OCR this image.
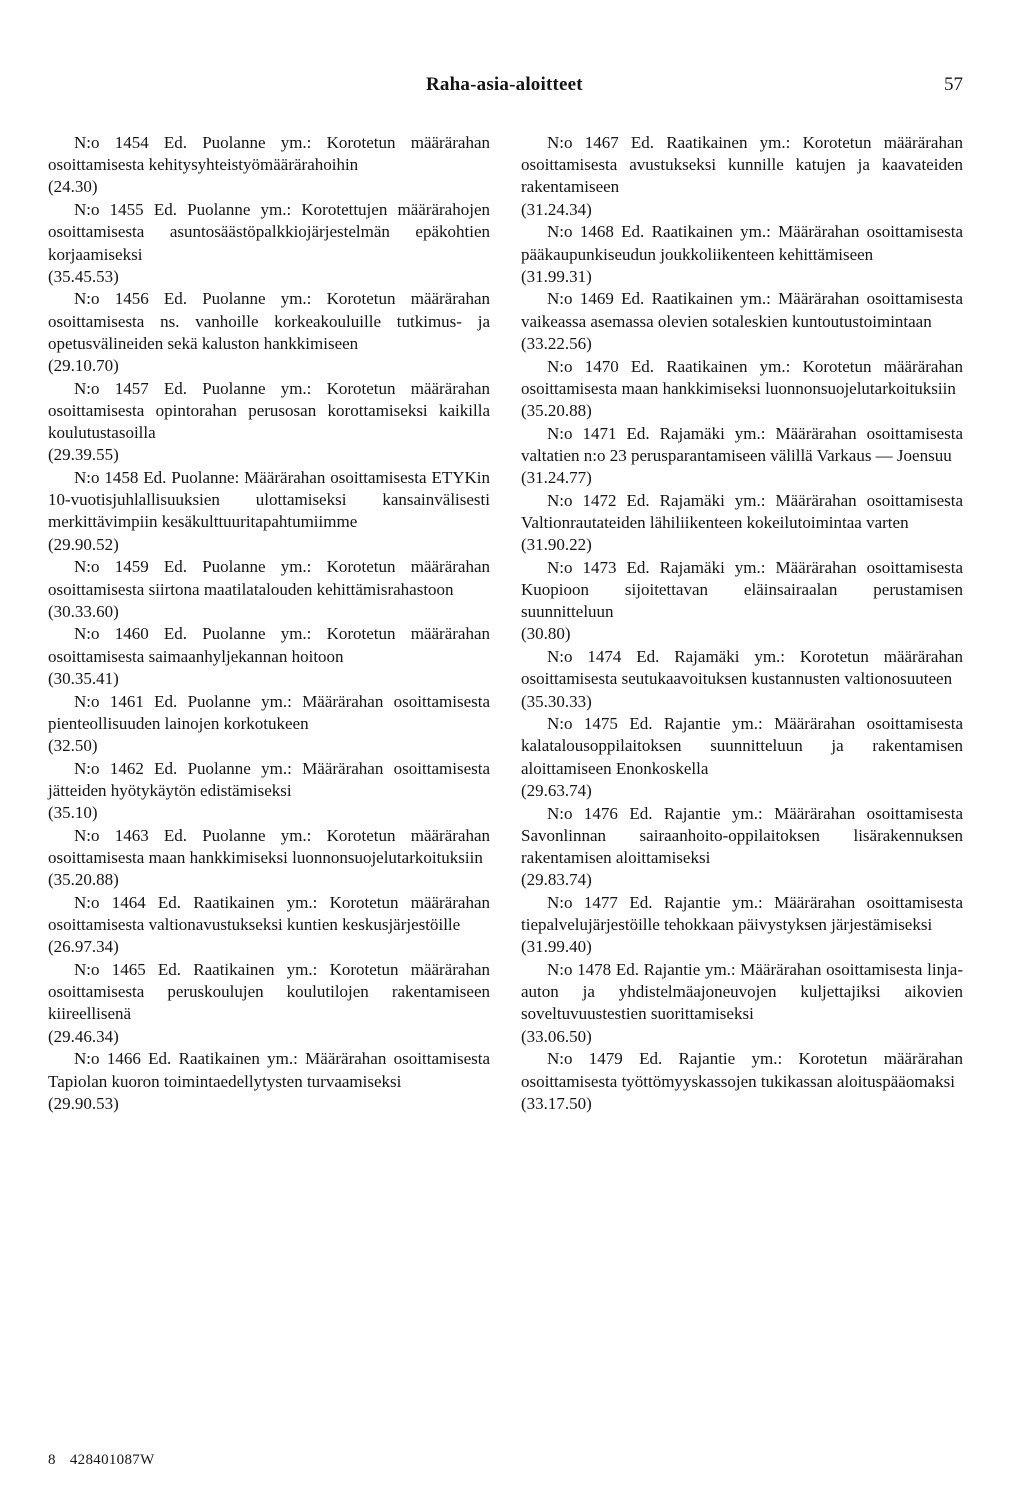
Raha-asia-aloitteet	57
N:o 1454 Ed. Puolanne ym.: Korotetun määrärahan osoittamisesta kehitysyhteistyömäärärahoihin
(24.30)
N:o 1455 Ed. Puolanne ym.: Korotettujen määrärahojen osoittamisesta asuntosäästöpalkkiojärjestelmän epäkohtien korjaamiseksi
(35.45.53)
N:o 1456 Ed. Puolanne ym.: Korotetun määrärahan osoittamisesta ns. vanhoille korkeakouluille tutkimus- ja opetusvälineiden sekä kaluston hankkimiseen
(29.10.70)
N:o 1457 Ed. Puolanne ym.: Korotetun määrärahan osoittamisesta opintorahan perusosan korottamiseksi kaikilla koulutustasoilla
(29.39.55)
N:o 1458 Ed. Puolanne: Määrärahan osoittamisesta ETYKin 10-vuotisjuhlallisuuksien ulottamiseksi kansainvälisesti merkittävimpiin kesäkulttuuritapahtumiimme
(29.90.52)
N:o 1459 Ed. Puolanne ym.: Korotetun määrärahan osoittamisesta siirtona maatilatalouden kehittämisrahastoon
(30.33.60)
N:o 1460 Ed. Puolanne ym.: Korotetun määrärahan osoittamisesta saimaanhyljekannan hoitoon
(30.35.41)
N:o 1461 Ed. Puolanne ym.: Määrärahan osoittamisesta pienteollisuuden lainojen korkotukeen
(32.50)
N:o 1462 Ed. Puolanne ym.: Määrärahan osoittamisesta jätteiden hyötykäytön edistämiseksi
(35.10)
N:o 1463 Ed. Puolanne ym.: Korotetun määrärahan osoittamisesta maan hankkimiseksi luonnonsuojelutarkoituksiin
(35.20.88)
N:o 1464 Ed. Raatikainen ym.: Korotetun määrärahan osoittamisesta valtionavustukseksi kuntien keskusjärjestöille
(26.97.34)
N:o 1465 Ed. Raatikainen ym.: Korotetun määrärahan osoittamisesta peruskoulujen koulutilojen rakentamiseen kiireellisenä
(29.46.34)
N:o 1466 Ed. Raatikainen ym.: Määrärahan osoittamisesta Tapiolan kuoron toimintaedellytysten turvaamiseksi
(29.90.53)
N:o 1467 Ed. Raatikainen ym.: Korotetun määrärahan osoittamisesta avustukseksi kunnille katujen ja kaavateiden rakentamiseen
(31.24.34)
N:o 1468 Ed. Raatikainen ym.: Määrärahan osoittamisesta pääkaupunkiseudun joukkoliikenteen kehittämiseen
(31.99.31)
N:o 1469 Ed. Raatikainen ym.: Määrärahan osoittamisesta vaikeassa asemassa olevien sotaleskien kuntoutustoimintaan
(33.22.56)
N:o 1470 Ed. Raatikainen ym.: Korotetun määrärahan osoittamisesta maan hankkimiseksi luonnonsuojelutarkoituksiin
(35.20.88)
N:o 1471 Ed. Rajamäki ym.: Määrärahan osoittamisesta valtatien n:o 23 perusparantamiseen välillä Varkaus — Joensuu
(31.24.77)
N:o 1472 Ed. Rajamäki ym.: Määrärahan osoittamisesta Valtionrautateiden lähiliikenteen kokeilutoimintaa varten
(31.90.22)
N:o 1473 Ed. Rajamäki ym.: Määrärahan osoittamisesta Kuopioon sijoitettavan eläinsairaalan perustamisen suunnitteluun
(30.80)
N:o 1474 Ed. Rajamäki ym.: Korotetun määrärahan osoittamisesta seutukaavoituksen kustannusten valtionosuuteen
(35.30.33)
N:o 1475 Ed. Rajantie ym.: Määrärahan osoittamisesta kalatalousoppilaitoksen suunnitteluun ja rakentamisen aloittamiseen Enonkoskella
(29.63.74)
N:o 1476 Ed. Rajantie ym.: Määrärahan osoittamisesta Savonlinnan sairaanhoito-oppilaitoksen lisärakennuksen rakentamisen aloittamiseksi
(29.83.74)
N:o 1477 Ed. Rajantie ym.: Määrärahan osoittamisesta tiepalvelujärjestöille tehokkaan päivystyksen järjestämiseksi
(31.99.40)
N:o 1478 Ed. Rajantie ym.: Määrärahan osoittamisesta linja-auton ja yhdistelmäajoneuvojen kuljettajiksi aikovien soveltuvuustestien suorittamiseksi
(33.06.50)
N:o 1479 Ed. Rajantie ym.: Korotetun määrärahan osoittamisesta työttömyyskassojen tukikassan aloituspääomaksi
(33.17.50)
8 428401087W
